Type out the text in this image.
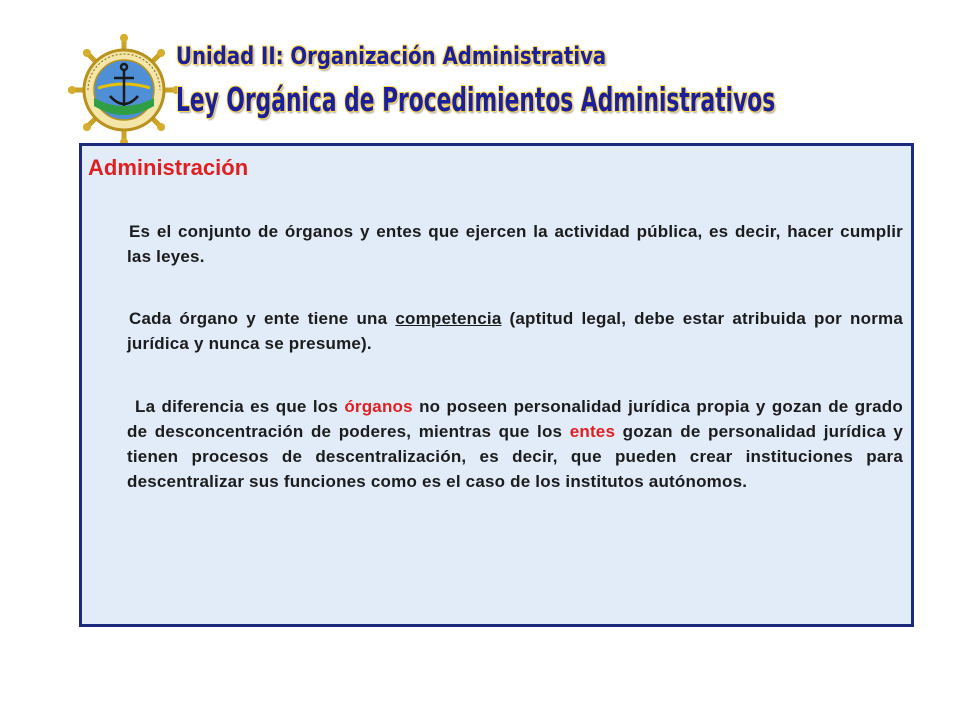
Unidad II: Organización Administrativa
Ley Orgánica de Procedimientos Administrativos
Administración

Es el conjunto de órganos y entes que ejercen la actividad pública, es decir, hacer cumplir las leyes.

Cada órgano y ente tiene una competencia (aptitud legal, debe estar atribuida por norma jurídica y nunca se presume).

La diferencia es que los órganos no poseen personalidad jurídica propia y gozan de grado de desconcentración de poderes, mientras que los entes gozan de personalidad jurídica y tienen procesos de descentralización, es decir, que pueden crear instituciones para descentralizar sus funciones como es el caso de los institutos autónomos.
